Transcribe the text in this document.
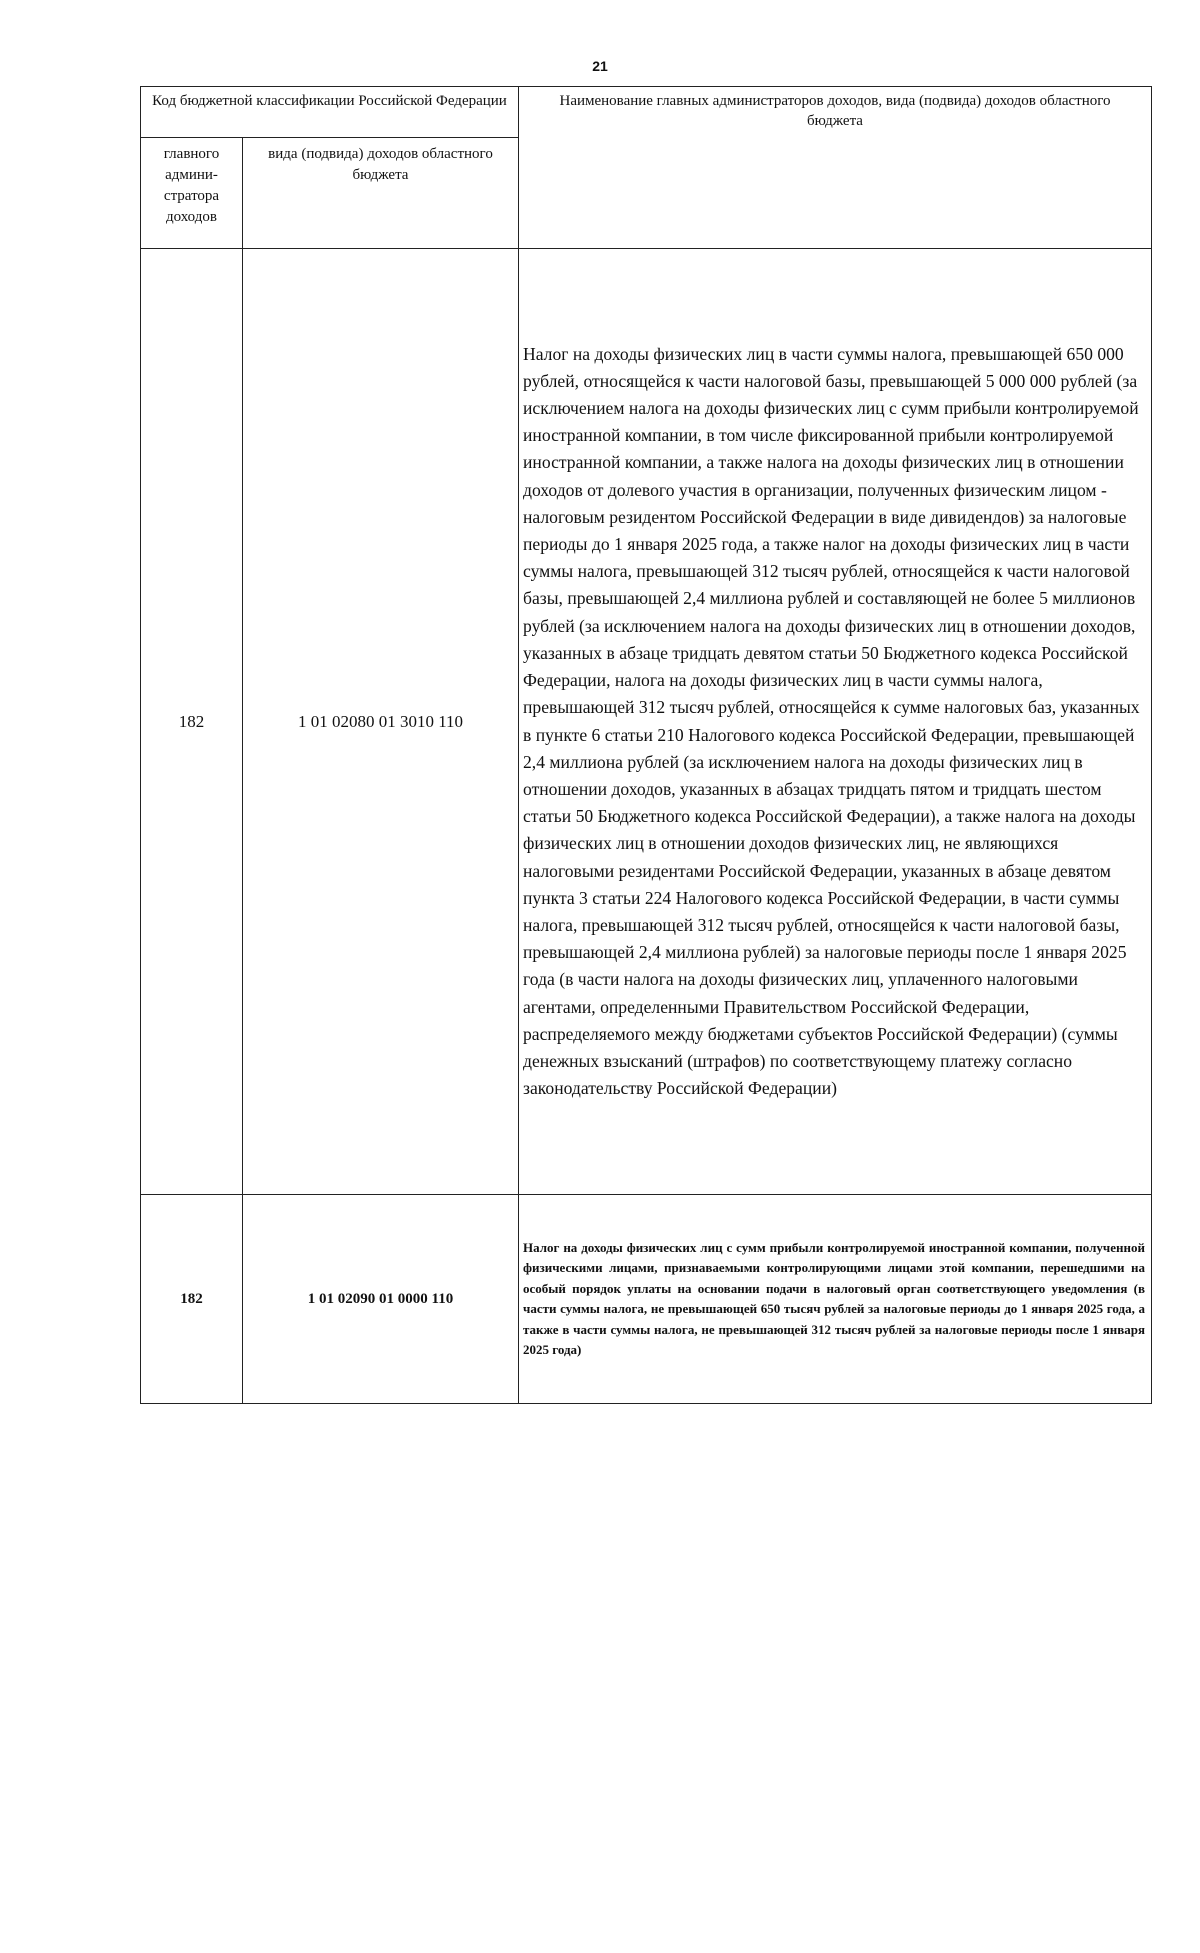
21
Код бюджетной классификации Российской Федерации		Наименование главных администраторов доходов, вида (подвида) доходов областного бюджета
главного админи-стратора доходов	вида (подвида) доходов областного бюджета	
182	1 01 02080 01 3010 110	Налог на доходы физических лиц в части суммы налога, превышающей 650 000 рублей, относящейся к части налоговой базы, превышающей 5 000 000 рублей (за исключением налога на доходы физических лиц с сумм прибыли контролируемой иностранной компании, в том числе фиксированной прибыли контролируемой иностранной компании, а также налога на доходы физических лиц в отношении доходов от долевого участия в организации, полученных физическим лицом - налоговым резидентом Российской Федерации в виде дивидендов) за налоговые периоды до 1 января 2025 года, а также налог на доходы физических лиц в части суммы налога, превышающей 312 тысяч рублей, относящейся к части налоговой базы, превышающей 2,4 миллиона рублей и составляющей не более 5 миллионов рублей (за исключением налога на доходы физических лиц в отношении доходов, указанных в абзаце тридцать девятом статьи 50 Бюджетного кодекса Российской Федерации, налога на доходы физических лиц в части суммы налога, превышающей 312 тысяч рублей, относящейся к сумме налоговых баз, указанных в пункте 6 статьи 210 Налогового кодекса Российской Федерации, превышающей 2,4 миллиона рублей (за исключением налога на доходы физических лиц в отношении доходов, указанных в абзацах тридцать пятом и тридцать шестом статьи 50 Бюджетного кодекса Российской Федерации), а также налога на доходы физических лиц в отношении доходов физических лиц, не являющихся налоговыми резидентами Российской Федерации, указанных в абзаце девятом пункта 3 статьи 224 Налогового кодекса Российской Федерации, в части суммы налога, превышающей 312 тысяч рублей, относящейся к части налоговой базы, превышающей 2,4 миллиона рублей) за налоговые периоды после 1 января 2025 года (в части налога на доходы физических лиц, уплаченного налоговыми агентами, определенными Правительством Российской Федерации, распределяемого между бюджетами субъектов Российской Федерации) (суммы денежных взысканий (штрафов) по соответствующему платежу согласно законодательству Российской Федерации)
182	1 01 02090 01 0000 110	Налог на доходы физических лиц с сумм прибыли контролируемой иностранной компании, полученной физическими лицами, признаваемыми контролирующими лицами этой компании, перешедшими на особый порядок уплаты на основании подачи в налоговый орган соответствующего уведомления (в части суммы налога, не превышающей 650 тысяч рублей за налоговые периоды до 1 января 2025 года, а также в части суммы налога, не превышающей 312 тысяч рублей за налоговые периоды после 1 января 2025 года)
